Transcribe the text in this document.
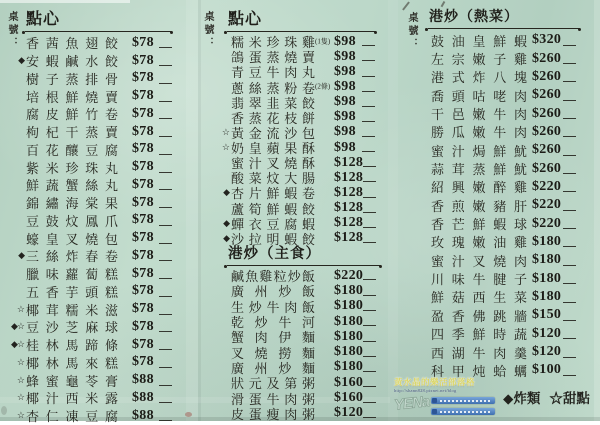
桌號：	桌號：	桌號：
點心
香茜魚翅餃 $78
◆ 安蝦鹹水餃 $78
樹子蒸排骨 $78
培根鮮燒賣 $78
腐皮鮮竹卷 $78
枸杞干蒸賣 $78
百花釀豆腐 $78
紫米珍珠丸 $78
鮮蔬蟹絲丸 $78
錦繡海棠果 $78
豆鼓炆鳳爪 $78
蠔皇叉燒包 $78
◆ 三絲炸春卷 $78
臘味蘿蔔糕 $78
五香芋頭糕 $78
☆ 椰茸糯米滋 $78
◆☆ 豆沙芝麻球 $78
◆☆ 桂林馬蹄條 $78
☆ 椰林馬來糕 $78
☆ 蜂蜜龜苓膏 $88
☆ 椰汁西米露 $88
☆ 杏仁凍豆腐 $88
點心
糯米珍珠雞 (1隻) $98
鴿蛋蒸燒賣 $98
青豆牛肉丸 $98
蔥絲蒸粉卷 (2條) $98
翡翠韭菜餃 $98
香蒸花枝餅 $98
☆ 黃金流沙包 $98
☆ 奶皇蘋果酥 $98
蜜汁叉燒酥 $128
酸菜炆大腸 $128
◆ 杏片鮮蝦卷 $128
蘆筍鮮蝦餃 $128
◆ 蟬衣豆腐蝦 $128
◆ 沙拉明蝦餃 $128
港炒（主食）
鹹魚雞粒炒飯 $220
廣州炒飯 $180
生炒牛肉飯 $180
乾炒牛河 $180
蟹肉伊麵 $180
叉燒撈麵 $180
廣州炒麵 $180
狀元及第粥 $160
滑蛋牛肉粥 $160
皮蛋瘦肉粥 $120
港炒（熱菜）
鼓油皇鮮蝦 $320
左宗嫩子雞 $260
港式炸八塊 $260
喬頭咕咾肉 $260
干邑嫩牛肉 $260
勝瓜嫩牛肉 $260
蜜汁焗鮮魷 $260
蒜茸蒸鮮魷 $260
紹興嫩醉雞 $220
香煎嫩豬肝 $220
香芒鮮蝦球 $220
玫瑰嫩油雞 $180
蜜汁叉燒肉 $180
川味牛腱子 $180
鮮菇西生菜 $180
盈香佛跳牆 $150
四季鮮時蔬 $120
西湖牛肉羹 $120
科甲炖蛤蠣 $100
◆炸類 ☆甜點
黃水晶的樂活部落格
http://shann828.pixnet.net/blog
YENa
